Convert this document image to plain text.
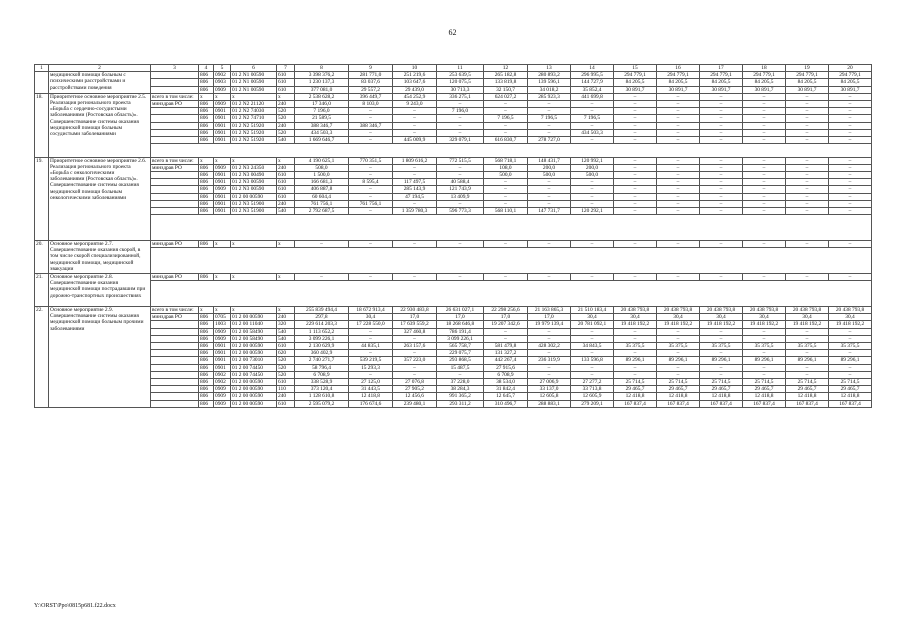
62
1	2	3	4	5	6	7	8	9	10	11	12	13	14	15	16	17	18	19	20
	медицинской помощи больным с психическими расстройствами и расстройствами поведения		806	0902	01 2 N1 00590	610	3 398 376,2	281 771,0	251 219,6	253 639,5	265 182,8	280 893,2	296 995,5	294 779,1	294 779,1	294 779,1	294 779,1	294 779,1	294 779,1
			806	0903	01 2 N1 00590	610	1 230 137,3	83 037,6	103 647,6	120 075,5	133 819,8	139 596,1	144 727,9	84 205,5	84 205,5	84 205,5	84 205,5	84 205,5	84 205,5
			806	0909	01 2 N1 00590	610	377 081,0	29 557,2	29 439,0	30 713,3	32 150,7	34 018,2	35 852,4	30 891,7	30 891,7	30 891,7	30 891,7	30 891,7	30 891,7
18.	Приоритетное основное мероприятие 2.5. Реализация регионального проекта «Борьба с сердечно-сосудистыми заболеваниями (Ростовская область)». Совершенствование системы оказания медицинской помощи больным сосудистыми заболеваниями	всего в том числе:	x	x	x	x	2 538 628,2	396 449,7	454 252,9	336 275,1	624 027,2	285 923,3	441 699,8	–	–	–	–	–	–
		минздрав РО	806	0909	01 2 N2 21120	240	17 346,0	8 103,0	9 243,0	–	–	–	–	–	–	–	–	–	–
			806	0901	01 2 N2 74030	520	7 196,0	–	–	7 196,0	–	–	–	–	–	–	–	–	–
			806	0901	01 2 N2 74710	520	21 589,5	–	–	–	7 196,5	7 196,5	7 196,5	–	–	–	–	–	–
			806	0901	01 2 N2 51920	240	388 346,7	388 346,7	–	–	–	–	–	–	–	–	–	–	–
			806	0901	01 2 N2 51920	520	434 503,3	–	–	–	–	–	434 503,3	–	–	–	–	–	–
			806	0901	01 2 N2 51920	540	1 669 646,7	–	445 009,9	329 079,1	616 830,7	278 727,0	–	–	–	–	–	–	–

19.	Приоритетное основное мероприятие 2.6. Реализация регионального проекта «Борьба с онкологическими заболеваниями (Ростовская область)». Совершенствование системы оказания медицинской помощи больным онкологическими заболеваниями	всего в том числе:	x	x	x	x	4 190 625,1	770 351,5	1 809 616,2	772 515,5	568 718,1	148 431,7	120 992,1	–	–	–	–	–	–
		минздрав РО	806	0909	01 2 N3 24350	240	508,0	–	–	–	108,0	200,0	200,0	–	–	–	–	–	–
			806	0901	01 2 N3 00490	610	1 500,0	–	–	–	500,0	500,0	500,0	–	–	–	–	–	–
			806	0901	01 2 N3 00590	610	166 681,3	8 595,4	117 497,5	40 588,4	–	–	–	–	–	–	–	–	–
			806	0909	01 2 N3 00590	610	406 887,8	–	285 143,9	121 743,9	–	–	–	–	–	–	–	–	–
			806	0901	01 2 00 00590	610	60 604,4	–	47 194,5	13 409,9	–	–	–	–	–	–	–	–	–
			806	0901	01 2 N3 51900	240	761 756,1	761 756,1	–	–	–	–	–	–	–	–	–	–	–
			806	0901	01 2 N3 51900	540	2 792 687,5	–	1 359 780,3	596 773,3	568 110,1	147 731,7	120 292,1	–	–	–	–	–	–

20.	Основное мероприятие 2.7. Совершенствование оказания скорой, в том числе скорой специализированной, медицинской помощи, медицинской эвакуации	минздрав РО	806	x	x	x	–	–	–	–	–	–	–	–	–	–	–	–	–

21.	Основное мероприятие 2.8. Совершенствование оказания медицинской помощи пострадавшим при дорожно-транспортных происшествиях	минздрав РО	806	x	x	x	–	–	–	–	–	–	–	–	–	–	–	–	–

22.	Основное мероприятие 2.9. Совершенствование системы оказания медицинской помощи больным прочими заболеваниями	всего в том числе:	x	x	x	x	255 839 494,4	18 672 913,4	22 930 483,8	26 631 027,1	22 298 256,6	21 163 865,3	21 510 183,4	20 438 793,8	20 438 793,8	20 438 793,8	20 438 793,8	20 438 793,8	20 438 793,8
		минздрав РО	806	0705	01 2 00 00590	240	297,8	30,4	17,0	17,0	17,0	17,0	30,4	30,4	30,4	30,4	30,4	30,4	30,4
			806	1003	01 2 00 11040	320	229 614 203,3	17 228 550,0	17 639 559,2	18 268 646,8	19 207 342,6	19 979 139,4	20 781 092,1	19 418 192,2	19 418 192,2	19 418 192,2	19 418 192,2	19 418 192,2	19 418 192,2
			806	0909	01 2 00 58490	540	1 113 652,2	–	327 460,8	786 191,4	–	–	–	–	–	–	–	–	–
			806	0909	01 2 00 58490	540	3 099 226,1	–	–	3 099 226,1	–	–	–	–	–	–	–	–	–
			806	0901	01 2 00 00590	610	2 130 629,9	44 835,1	263 157,6	565 758,7	581 479,8	428 302,2	34 843,5	35 375,5	35 375,5	35 375,5	35 375,5	35 375,5	35 375,5
			806	0901	01 2 00 00590	620	360 402,9	–	–	229 075,7	131 327,2	–	–	–	–	–	–	–	–
			806	0901	01 2 00 73010	520	2 740 271,7	539 219,5	357 223,0	293 868,5	442 267,4	236 319,9	133 596,8	89 296,1	89 296,1	89 296,1	89 296,1	89 296,1	89 296,1
			806	0901	01 2 00 74450	520	58 796,4	15 293,3	–	15 487,5	27 915,6	–	–	–	–	–	–	–	–
			806	0902	01 2 00 74450	520	6 708,9	–	–	–	6 708,9	–	–	–	–	–	–	–	–
			806	0902	01 2 00 00590	610	338 528,9	27 125,0	27 076,8	37 228,0	38 534,0	27 006,9	27 277,2	25 714,5	25 714,5	25 714,5	25 714,5	25 714,5	25 714,5
			806	0909	01 2 00 00590	110	373 120,4	31 443,5	27 905,2	38 284,3	31 842,4	33 137,0	33 713,8	29 465,7	29 465,7	29 465,7	29 465,7	29 465,7	29 465,7
			806	0909	01 2 00 00590	240	1 128 610,8	12 418,8	12 456,6	991 365,2	12 645,7	12 605,8	12 605,9	12 418,8	12 418,8	12 418,8	12 418,8	12 418,8	12 418,8
			806	0909	01 2 00 00590	610	2 595 079,2	176 674,6	239 480,1	293 311,2	310 496,7	288 883,1	279 209,1	167 837,4	167 837,4	167 837,4	167 837,4	167 837,4	167 837,4
Y:\ORST\Ppo\0815p681.f22.docx
